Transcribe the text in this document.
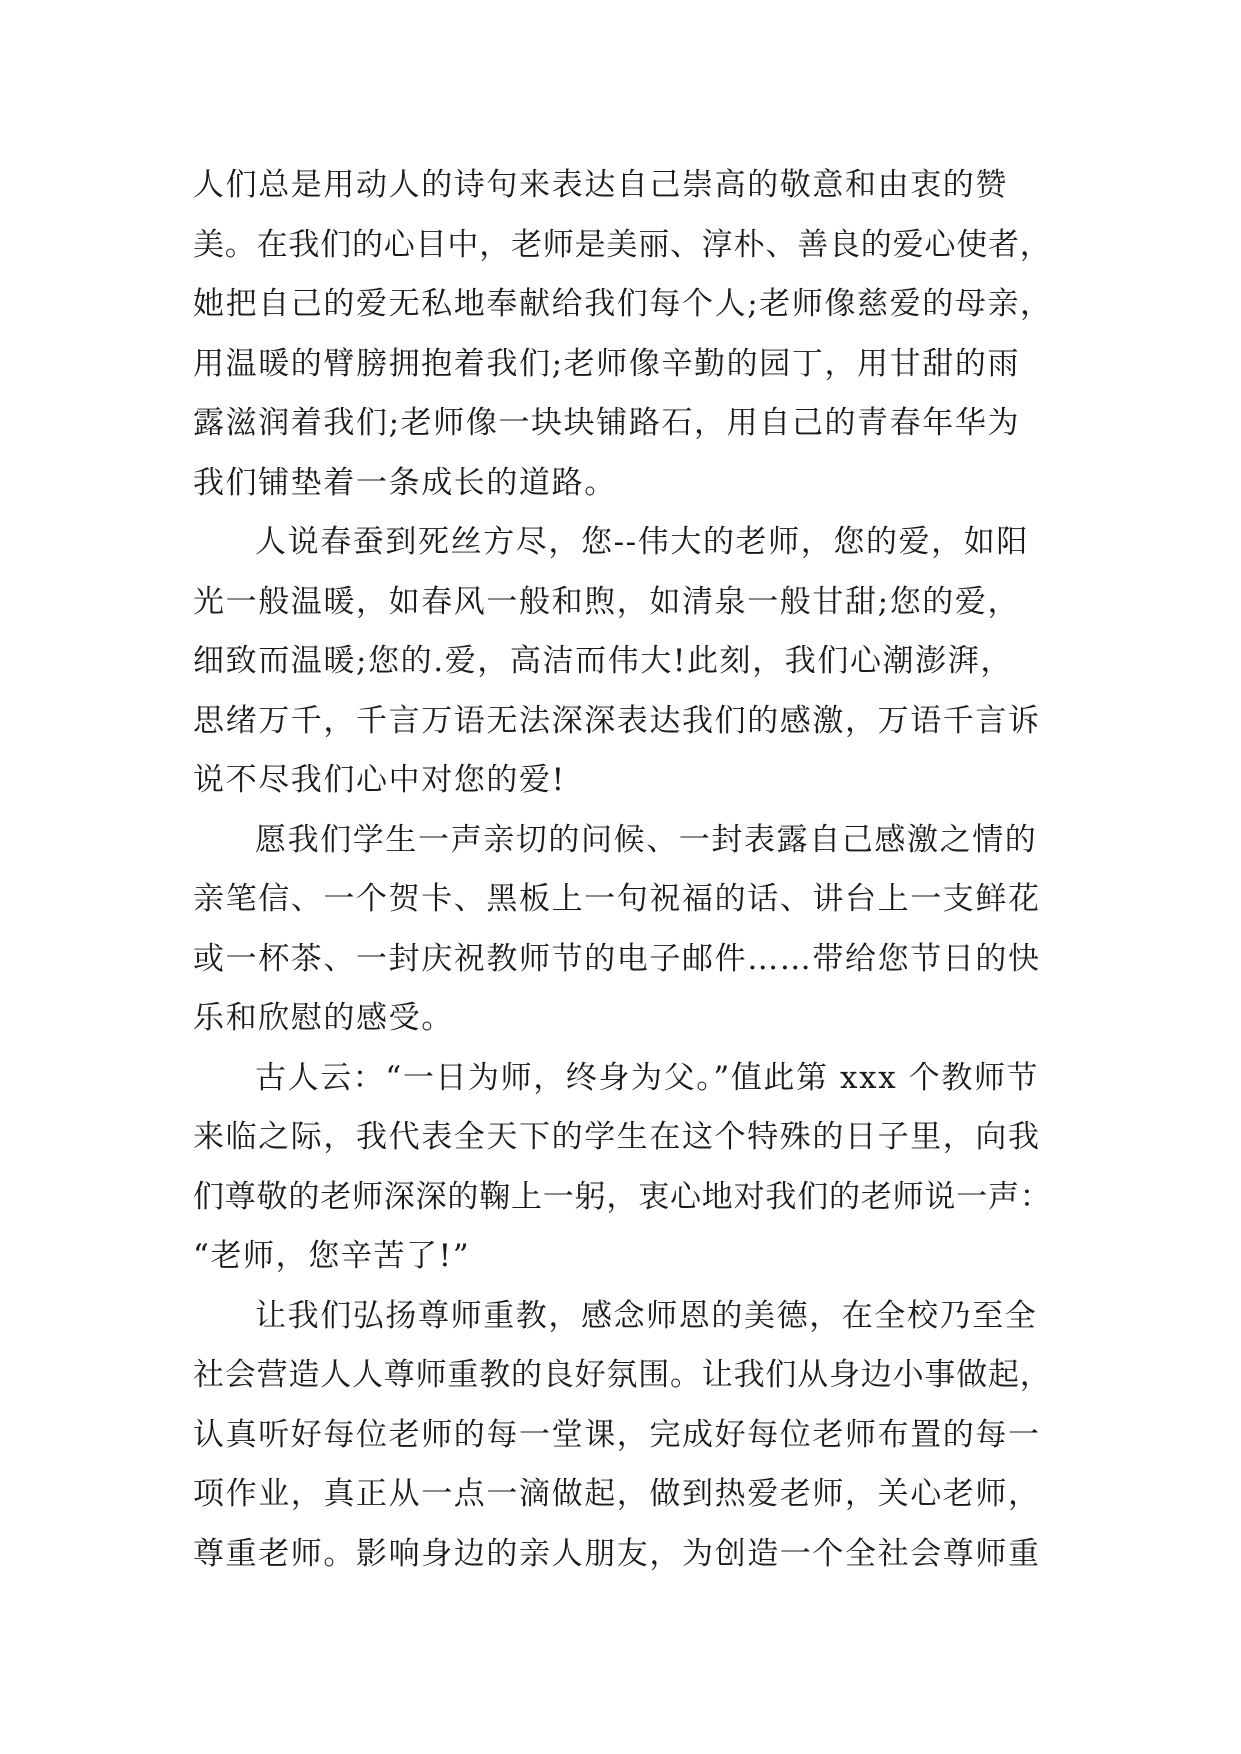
人们总是用动人的诗句来表达自己崇高的敬意和由衷的赞
美。在我们的心目中，老师是美丽、淳朴、善良的爱心使者，
她把自己的爱无私地奉献给我们每个人;老师像慈爱的母亲，
用温暖的臂膀拥抱着我们;老师像辛勤的园丁，用甘甜的雨
露滋润着我们;老师像一块块铺路石，用自己的青春年华为
我们铺垫着一条成长的道路。
人说春蚕到死丝方尽，您--伟大的老师，您的爱，如阳
光一般温暖，如春风一般和煦，如清泉一般甘甜;您的爱，
细致而温暖;您的.爱，高洁而伟大!此刻，我们心潮澎湃，
思绪万千，千言万语无法深深表达我们的感激，万语千言诉
说不尽我们心中对您的爱!
愿我们学生一声亲切的问候、一封表露自己感激之情的
亲笔信、一个贺卡、黑板上一句祝福的话、讲台上一支鲜花
或一杯茶、一封庆祝教师节的电子邮件……带给您节日的快
乐和欣慰的感受。
古人云：“一日为师，终身为父。”值此第 xxx 个教师节
来临之际，我代表全天下的学生在这个特殊的日子里，向我
们尊敬的老师深深的鞠上一躬，衷心地对我们的老师说一声：
“老师，您辛苦了!”
让我们弘扬尊师重教，感念师恩的美德，在全校乃至全
社会营造人人尊师重教的良好氛围。让我们从身边小事做起，
认真听好每位老师的每一堂课，完成好每位老师布置的每一
项作业，真正从一点一滴做起，做到热爱老师，关心老师，
尊重老师。影响身边的亲人朋友，为创造一个全社会尊师重
